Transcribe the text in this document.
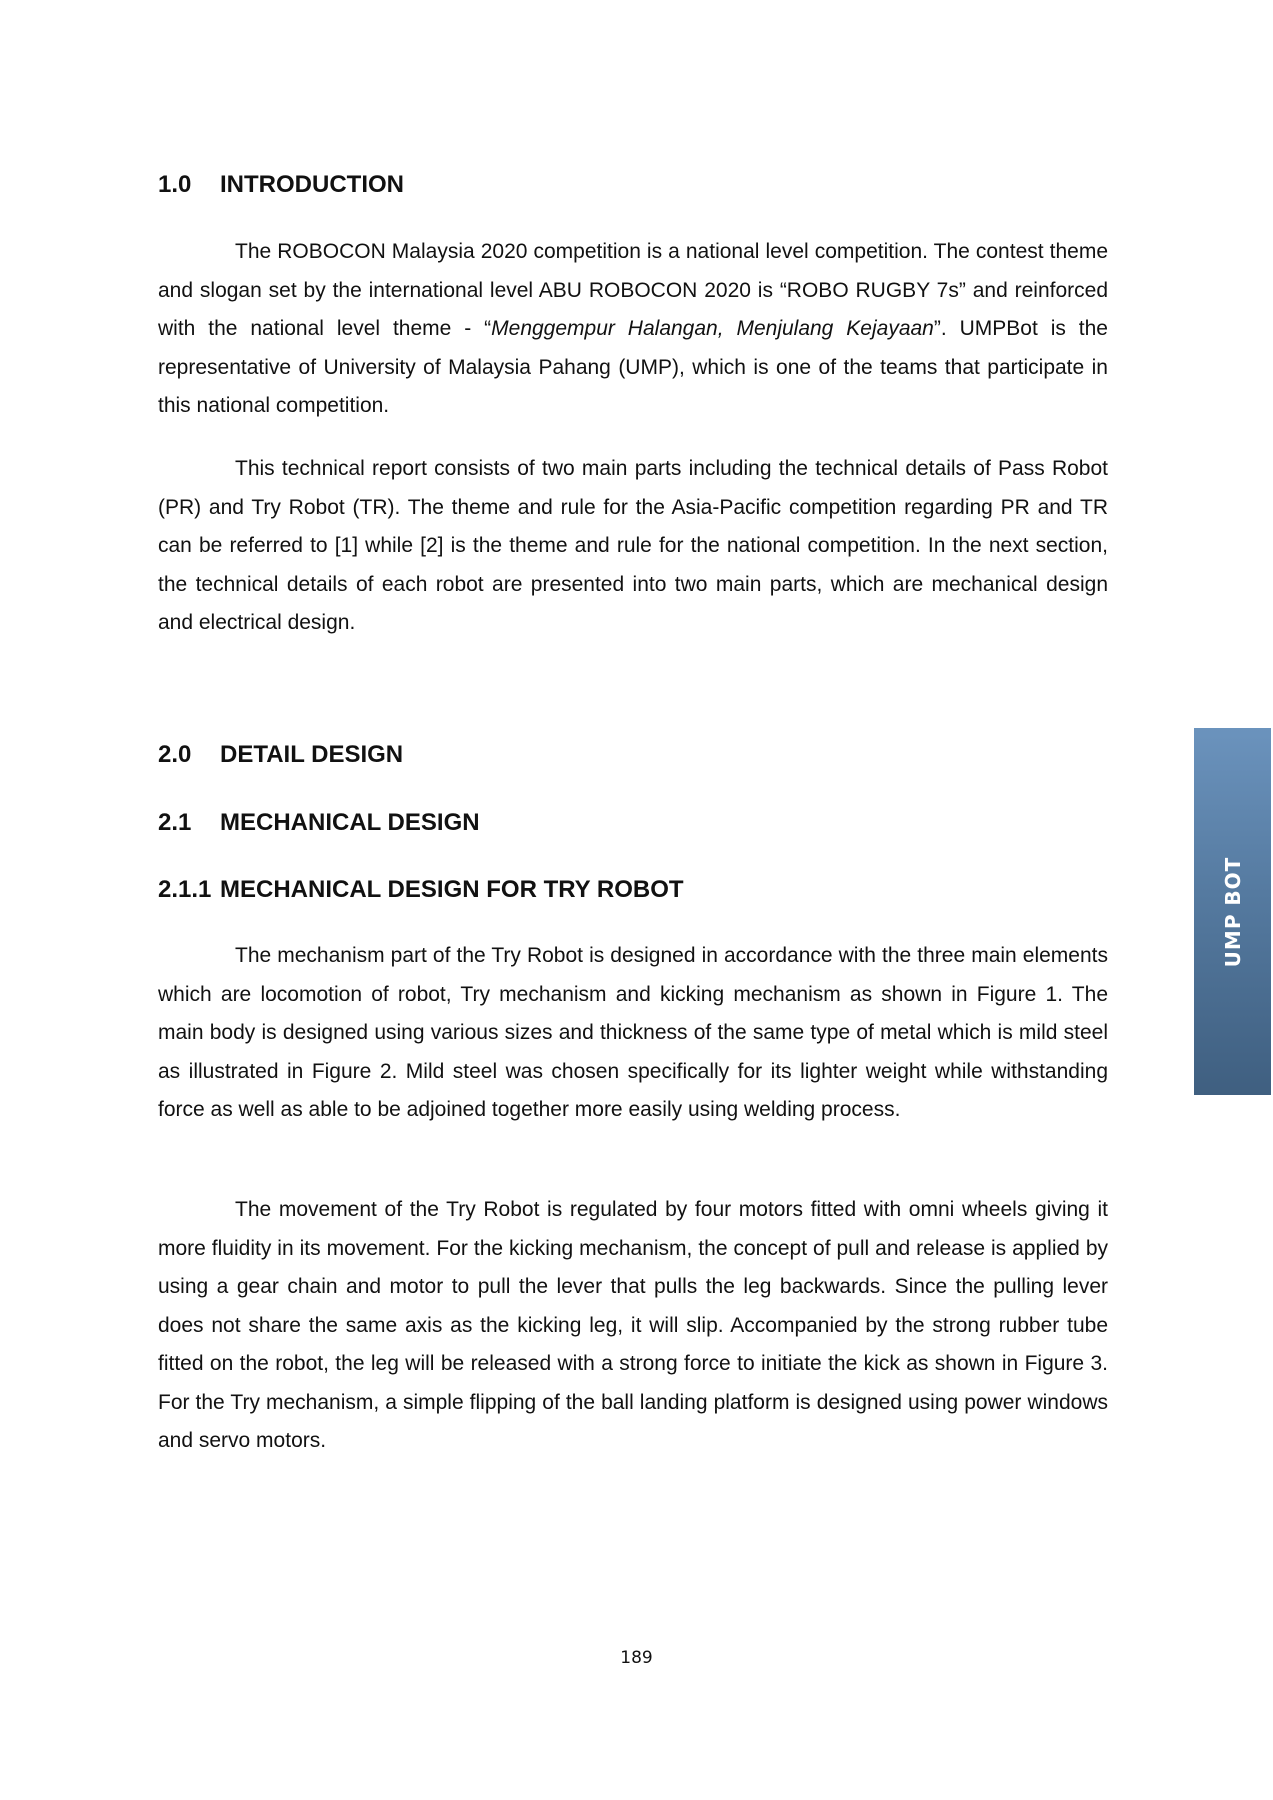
1.0 INTRODUCTION

The ROBOCON Malaysia 2020 competition is a national level competition. The contest theme and slogan set by the international level ABU ROBOCON 2020 is “ROBO RUGBY 7s” and reinforced with the national level theme - “Menggempur Halangan, Menjulang Kejayaan”. UMPBot is the representative of University of Malaysia Pahang (UMP), which is one of the teams that participate in this national competition.

This technical report consists of two main parts including the technical details of Pass Robot (PR) and Try Robot (TR). The theme and rule for the Asia-Pacific competition regarding PR and TR can be referred to [1] while [2] is the theme and rule for the national competition. In the next section, the technical details of each robot are presented into two main parts, which are mechanical design and electrical design.

2.0 DETAIL DESIGN
2.1 MECHANICAL DESIGN
2.1.1 MECHANICAL DESIGN FOR TRY ROBOT

The mechanism part of the Try Robot is designed in accordance with the three main elements which are locomotion of robot, Try mechanism and kicking mechanism as shown in Figure 1. The main body is designed using various sizes and thickness of the same type of metal which is mild steel as illustrated in Figure 2. Mild steel was chosen specifically for its lighter weight while withstanding force as well as able to be adjoined together more easily using welding process.

The movement of the Try Robot is regulated by four motors fitted with omni wheels giving it more fluidity in its movement. For the kicking mechanism, the concept of pull and release is applied by using a gear chain and motor to pull the lever that pulls the leg backwards. Since the pulling lever does not share the same axis as the kicking leg, it will slip. Accompanied by the strong rubber tube fitted on the robot, the leg will be released with a strong force to initiate the kick as shown in Figure 3. For the Try mechanism, a simple flipping of the ball landing platform is designed using power windows and servo motors.

UMP BOT
189
